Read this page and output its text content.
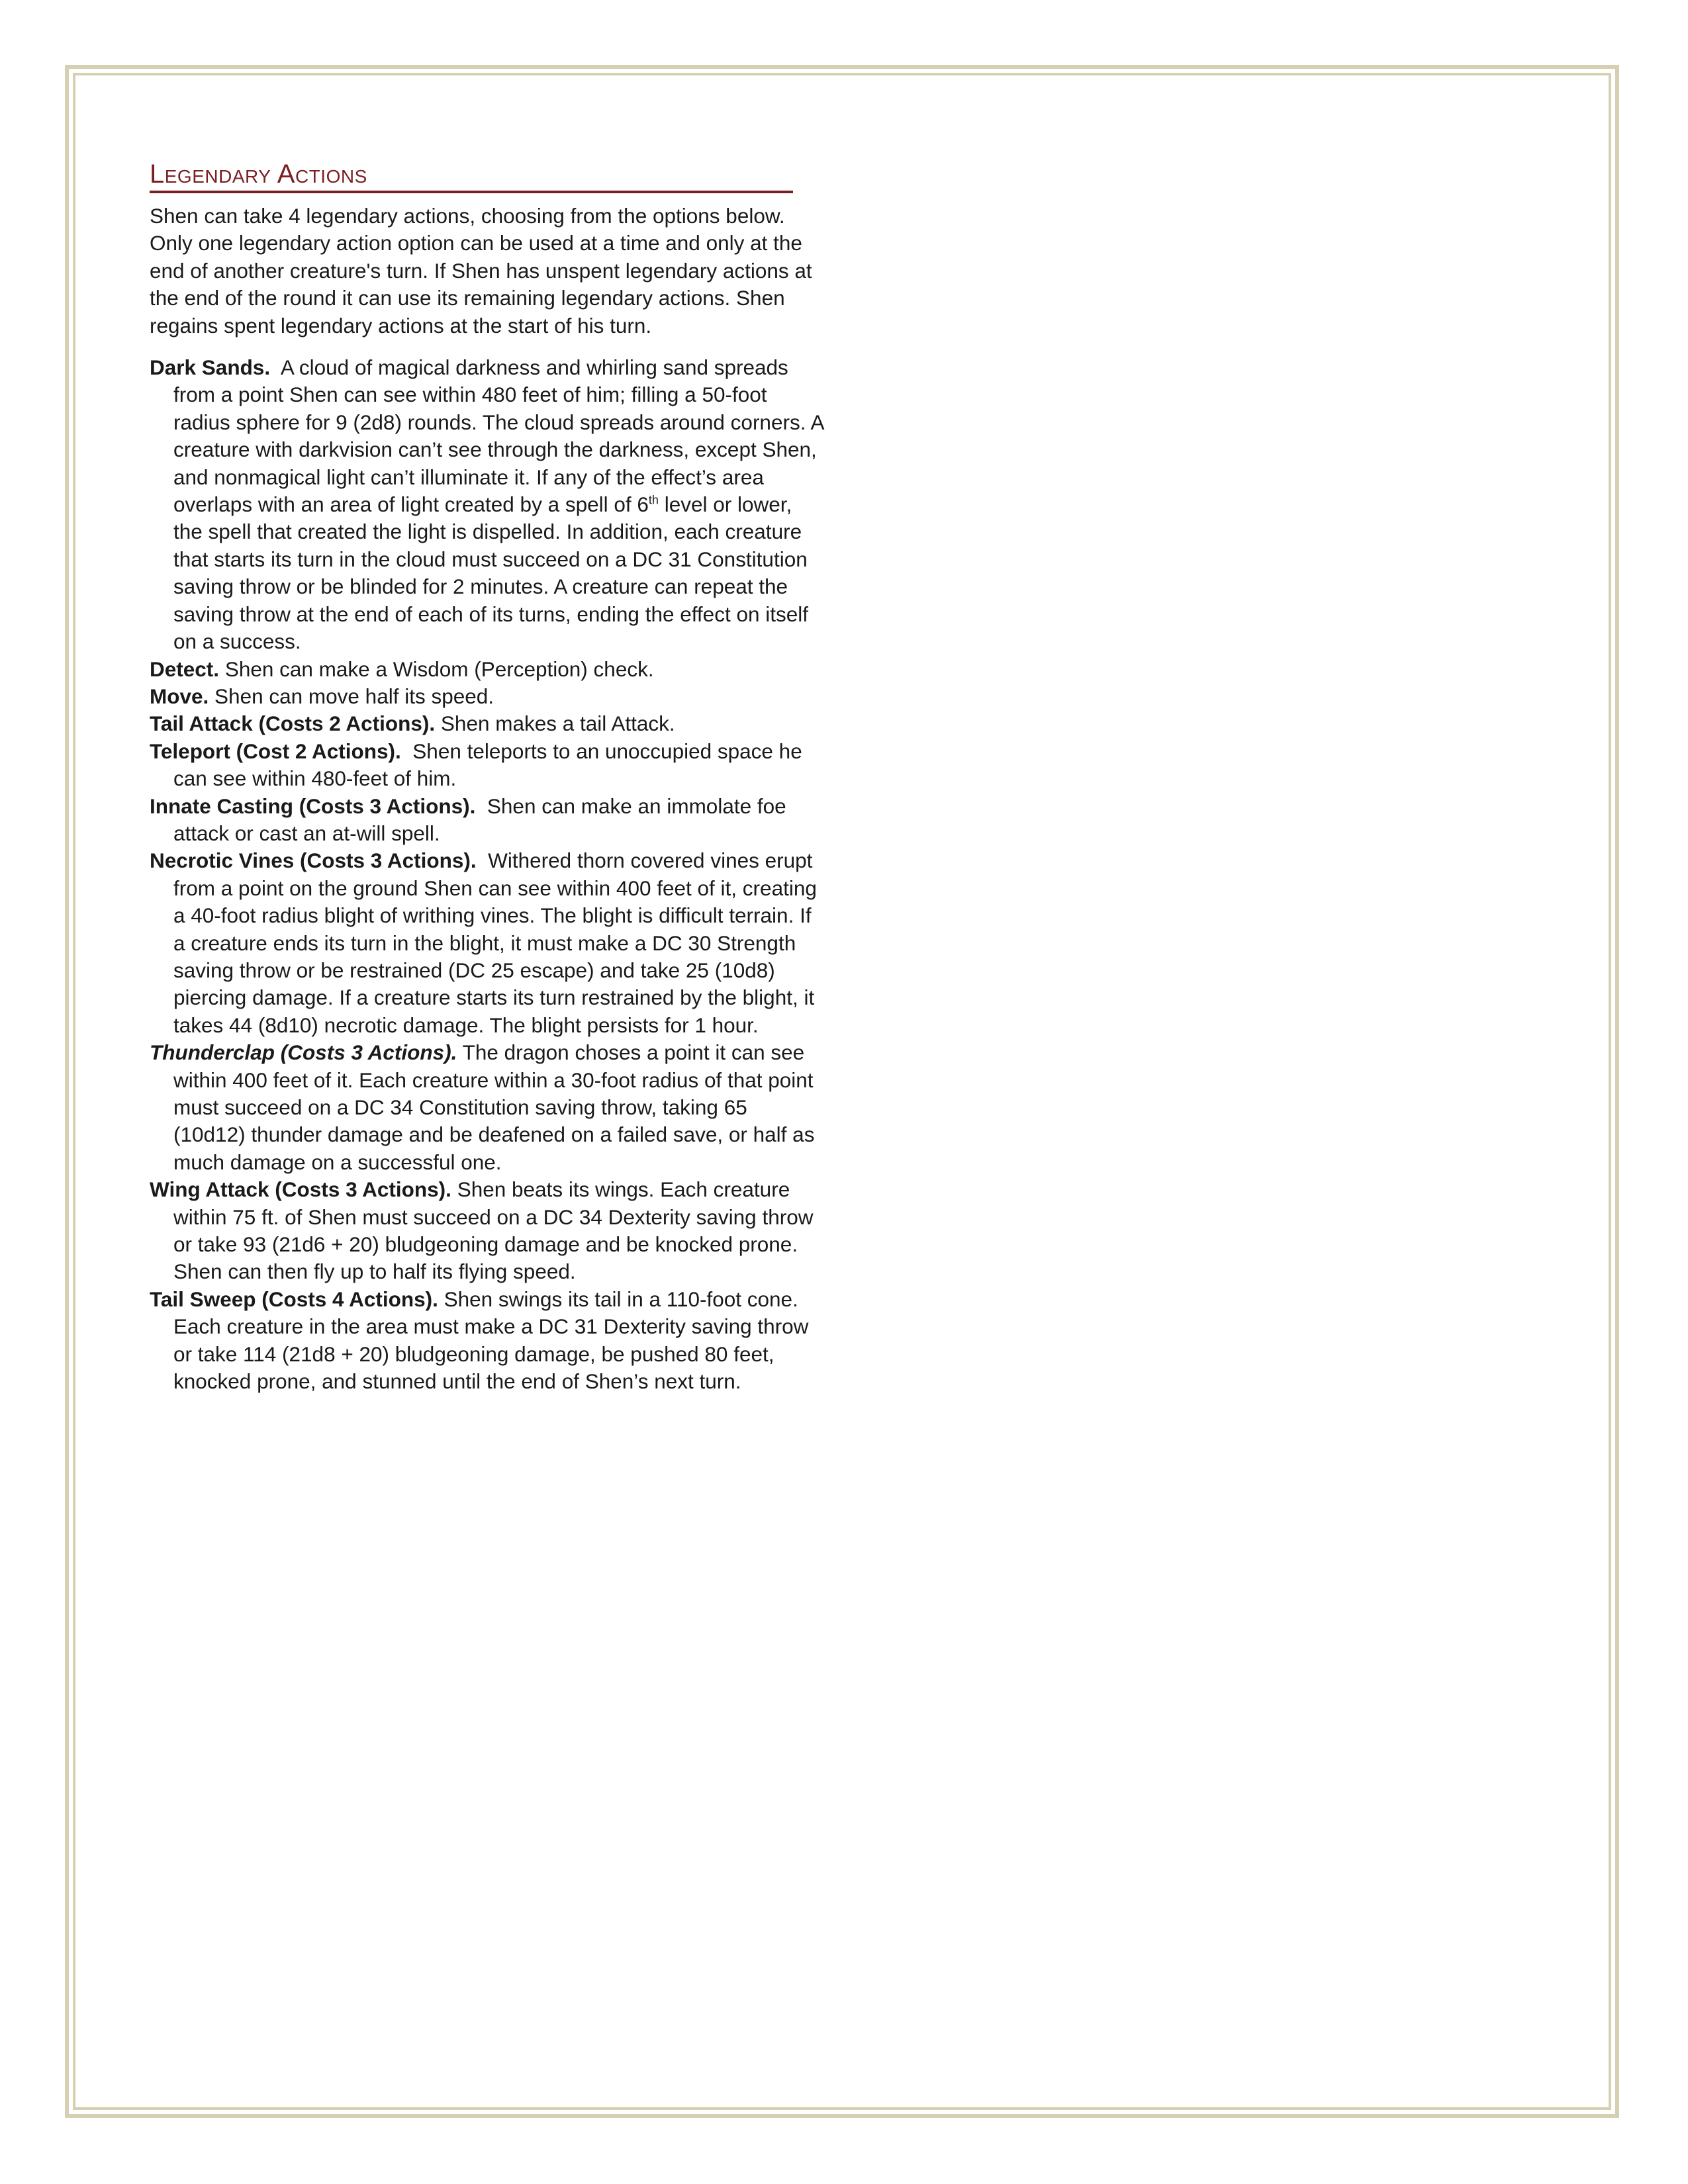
Legendary Actions

Shen can take 4 legendary actions, choosing from the options below. Only one legendary action option can be used at a time and only at the end of another creature's turn. If Shen has unspent legendary actions at the end of the round it can use its remaining legendary actions. Shen regains spent legendary actions at the start of his turn.

Dark Sands. A cloud of magical darkness and whirling sand spreads from a point Shen can see within 480 feet of him; filling a 50-foot radius sphere for 9 (2d8) rounds. The cloud spreads around corners. A creature with darkvision can’t see through the darkness, except Shen, and nonmagical light can’t illuminate it. If any of the effect’s area overlaps with an area of light created by a spell of 6th level or lower, the spell that created the light is dispelled. In addition, each creature that starts its turn in the cloud must succeed on a DC 31 Constitution saving throw or be blinded for 2 minutes. A creature can repeat the saving throw at the end of each of its turns, ending the effect on itself on a success.

Detect. Shen can make a Wisdom (Perception) check.

Move. Shen can move half its speed.

Tail Attack (Costs 2 Actions). Shen makes a tail Attack.

Teleport (Cost 2 Actions). Shen teleports to an unoccupied space he can see within 480-feet of him.

Innate Casting (Costs 3 Actions). Shen can make an immolate foe attack or cast an at-will spell.

Necrotic Vines (Costs 3 Actions). Withered thorn covered vines erupt from a point on the ground Shen can see within 400 feet of it, creating a 40-foot radius blight of writhing vines. The blight is difficult terrain. If a creature ends its turn in the blight, it must make a DC 30 Strength saving throw or be restrained (DC 25 escape) and take 25 (10d8) piercing damage. If a creature starts its turn restrained by the blight, it takes 44 (8d10) necrotic damage. The blight persists for 1 hour.

Thunderclap (Costs 3 Actions). The dragon choses a point it can see within 400 feet of it. Each creature within a 30-foot radius of that point must succeed on a DC 34 Constitution saving throw, taking 65 (10d12) thunder damage and be deafened on a failed save, or half as much damage on a successful one.

Wing Attack (Costs 3 Actions). Shen beats its wings. Each creature within 75 ft. of Shen must succeed on a DC 34 Dexterity saving throw or take 93 (21d6 + 20) bludgeoning damage and be knocked prone. Shen can then fly up to half its flying speed.

Tail Sweep (Costs 4 Actions). Shen swings its tail in a 110-foot cone. Each creature in the area must make a DC 31 Dexterity saving throw or take 114 (21d8 + 20) bludgeoning damage, be pushed 80 feet, knocked prone, and stunned until the end of Shen’s next turn.
